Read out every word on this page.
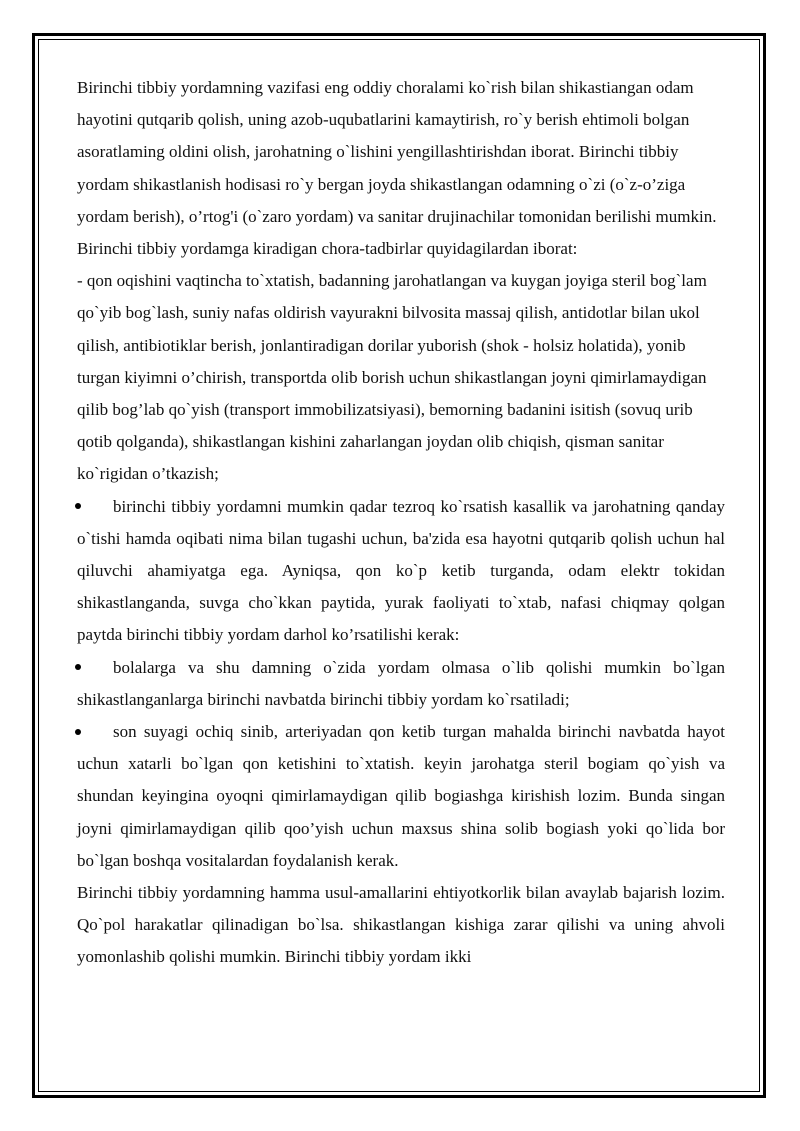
Birinchi tibbiy yordamning vazifasi eng oddiy choralami ko`rish bilan shikastiangan odam hayotini qutqarib qolish, uning azob-uqubatlarini kamaytirish, ro`y berish ehtimoli bolgan asoratlaming oldini olish, jarohatning o`lishini yengillashtirishdan iborat. Birinchi tibbiy yordam shikastlanish hodisasi ro`y bergan joyda shikastlangan odamning o`zi (o`z-o’ziga yordam berish), o’rtog'i (o`zaro yordam) va sanitar drujinachilar tomonidan berilishi mumkin. Birinchi tibbiy yordamga kiradigan chora-tadbirlar quyidagilardan iborat:

- qon oqishini vaqtincha to`xtatish, badanning jarohatlangan va kuygan joyiga steril bog`lam qo`yib bog`lash, suniy nafas oldirish vayurakni bilvosita massaj qilish, antidotlar bilan ukol qilish, antibiotiklar berish, jonlantiradigan dorilar yuborish (shok - holsiz holatida), yonib turgan kiyimni o’chirish, transportda olib borish uchun shikastlangan joyni qimirlamaydigan qilib bog’lab qo`yish (transport immobilizatsiyasi), bemorning badanini isitish (sovuq urib qotib qolganda), shikastlangan kishini zaharlangan joydan olib chiqish, qisman sanitar ko`rigidan o’tkazish;

birinchi tibbiy yordamni mumkin qadar tezroq ko`rsatish kasallik va jarohatning qanday o`tishi hamda oqibati nima bilan tugashi uchun, ba'zida esa hayotni qutqarib qolish uchun hal qiluvchi ahamiyatga ega. Ayniqsa, qon ko`p ketib turganda, odam elektr tokidan shikastlanganda, suvga cho`kkan paytida, yurak faoliyati to`xtab, nafasi chiqmay qolgan paytda birinchi tibbiy yordam darhol ko’rsatilishi kerak:

bolalarga va shu damning o`zida yordam olmasa o`lib qolishi mumkin bo`lgan shikastlanganlarga birinchi navbatda birinchi tibbiy yordam ko`rsatiladi;

son suyagi ochiq sinib, arteriyadan qon ketib turgan mahalda birinchi navbatda hayot uchun xatarli bo`lgan qon ketishini to`xtatish. keyin jarohatga steril bogiam qo`yish va shundan keyingina oyoqni qimirlamaydigan qilib bogiashga kirishish lozim. Bunda singan joyni qimirlamaydigan qilib qoo’yish uchun maxsus shina solib bogiash yoki qo`lida bor bo`lgan boshqa vositalardan foydalanish kerak.

Birinchi tibbiy yordamning hamma usul-amallarini ehtiyotkorlik bilan avaylab bajarish lozim. Qo`pol harakatlar qilinadigan bo`lsa. shikastlangan kishiga zarar qilishi va uning ahvoli yomonlashib qolishi mumkin. Birinchi tibbiy yordam ikki
